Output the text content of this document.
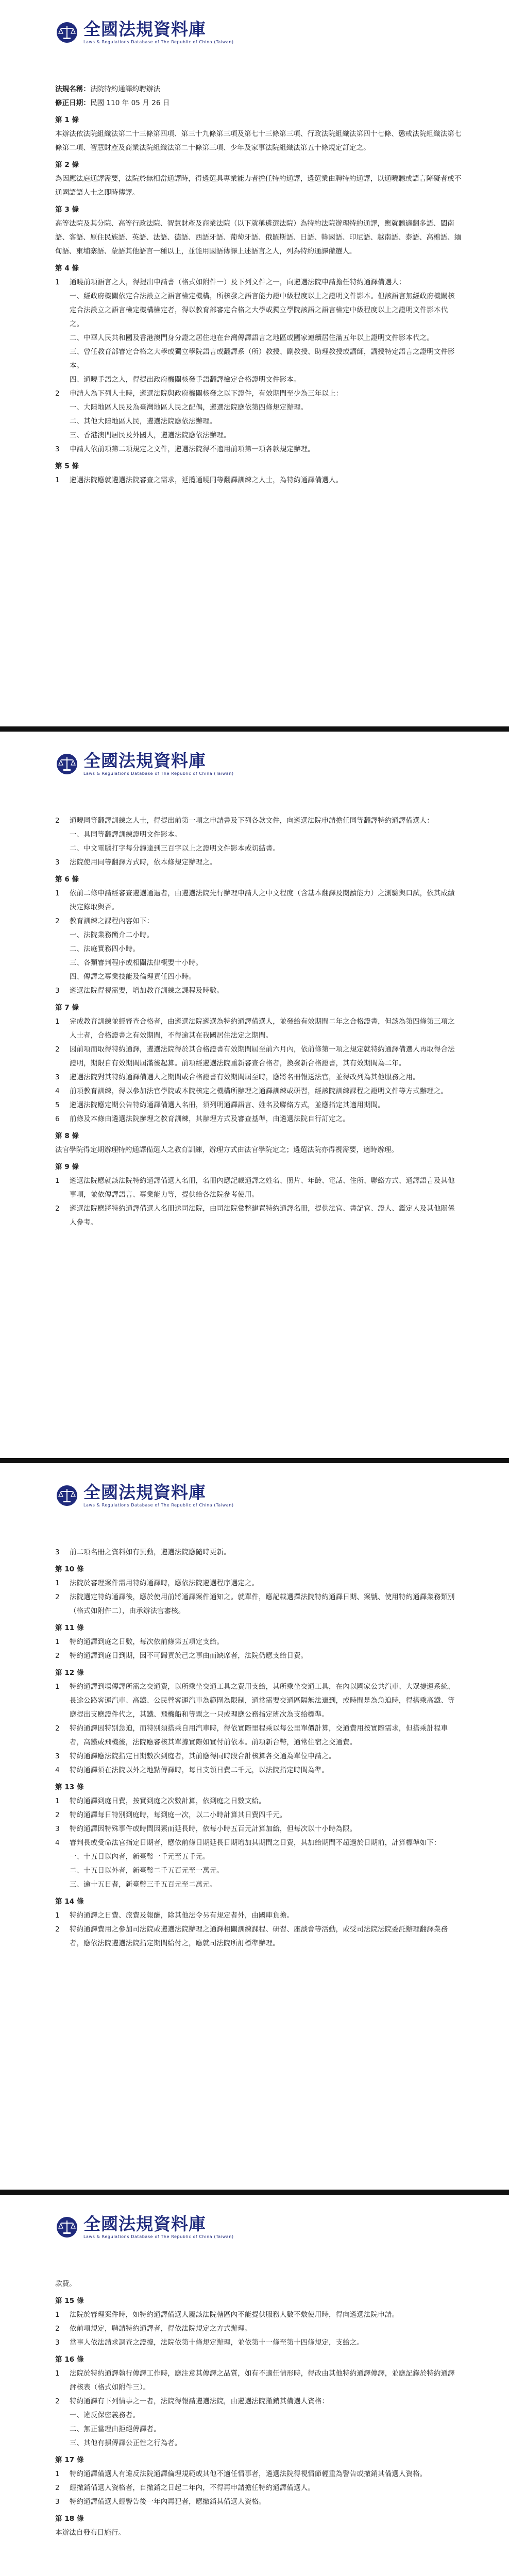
全國法規資料庫
Laws & Regulations Database of The Republic of China (Taiwan)
法規名稱：法院特約通譯約聘辦法
修正日期：民國 110 年 05 月 26 日
第 1 條
本辦法依法院組織法第二十三條第四項、第三十九條第三項及第七十三條第三項、行政法院組織法第四十七條、懲戒法院組織法第七條第二項、智慧財產及商業法院組織法第二十條第三項、少年及家事法院組織法第五十條規定訂定之。
第 2 條
為因應法庭通譯需要，法院於無相當通譯時，得遴選具專業能力者擔任特約通譯，遴選業由聘特約通譯，以通曉聽或語言障礙者或不通國語語人士之即時傳譯。
第 3 條
高等法院及其分院、高等行政法院、智慧財產及商業法院（以下就稱遴選法院）為特約法院辦理特約通譯，應就聽適翻多語、閩南語、客語、原住民族語、英語、法語、德語、西語牙語、葡萄牙語、俄羅斯語、日語、韓國語、印尼語、越南語、泰語、高棉語、緬甸語、柬埔寨語、蒙語其他語言一種以上，並能用國語傳譯上述語言之人，列為特約通譯備選人。
第 4 條
1	通曉前項語言之人，得提出申請書（格式如附件一）及下列文件之一，向遴選法院申請擔任特約通譯備選人：
一、經政府機關依定合法設立之語言檢定機構，所核發之語言能力證中級程度以上之證明文件影本。但該語言無經政府機關核定合法設立之語言檢定機構檢定者，得以教育部審定合格之大學或獨立學院該語之語言檢定中級程度以上之證明文件影本代之。
二、中華人民共和國及香港澳門身分證之居住地在台灣傳譯語言之地區或國家連續居住滿五年以上證明文件影本代之。
三、曾任教育部審定合格之大學或獨立學院語言或翻譯系（所）教授、副教授、助理教授或講師，講授特定語言之證明文件影本。
四、通曉手語之人，得提出政府機關核發手語翻譯檢定合格證明文件影本。
2	申請人為下列人士時，遴選法院與政府機關核發之以下證件，有效期間至少為三年以上：
一、大陸地區人民及為臺灣地區人民之配偶，遴選法院應依第四條規定辦理。
二、其他大陸地區人民，遴選法院應依法辦理。
三、香港澳門居民及外國人，遴選法院應依法辦理。
3	申請人依前項第二項規定之文件，遴選法院得不適用前項第一項各款規定辦理。
第 5 條
1	遴選法院應就遴選法院審查之需求，延攬通曉同等翻譯訓練之人士，為特約通譯備選人。
全國法規資料庫
Laws & Regulations Database of The Republic of China (Taiwan)
2	通曉同等翻譯訓練之人士，得提出前第一項之申請書及下列各款文件，向遴選法院申請擔任同等翻譯特約通譯備選人：
一、具同等翻譯訓練證明文件影本。
二、中文電腦打字每分鐘達到三百字以上之證明文件影本或切結書。
3	法院使用同等翻譯方式時，依本條規定辦理之。
第 6 條
1	依前二條申請經審查遴選通過者，由遴選法院先行辦理申請人之中文程度（含基本翻譯及閱讀能力）之測驗與口試，依其成績決定錄取與否。
2	教育訓練之課程內容如下：
一、法院業務簡介二小時。
二、法庭實務四小時。
三、各類審判程序或相關法律概要十小時。
四、傳譯之專業技能及倫理責任四小時。
3	遴選法院得視需要，增加教育訓練之課程及時數。
第 7 條
1	完成教育訓練並經審查合格者，由遴選法院遴選為特約通譯備選人，並發給有效期間二年之合格證書，但該為第四條第三項之人士者，合格證書之有效期間，不得逾其在我國居住法定之期間。
2	因前項而取得特約通譯，遴選法院得於其合格證書有效期間屆至前六月內，依前條第一項之規定就特約通譯備選人再取得合法證明，期限自有效期間屆滿後起算。前項經遴選法院重新審查合格者，換發新合格證書，其有效期間為二年。
3	遴選法院對其特約通譯備選人之期間或合格證書有效期間屆至時，應將名冊報送法官，並得改列為其他服務之用。
4	前項教育訓練，得以參加法官學院或本院核定之機構所辦理之通譯訓練或研習，經該院訓練課程之證明文件等方式辦理之。
5	遴選法院應定期公告特約通譯備選人名冊，須列明通譯語言、姓名及聯絡方式，並應指定其適用期間。
6	前條及本條由遴選法院辦理之教育訓練，其辦理方式及審查基準，由遴選法院自行訂定之。
第 8 條
法官學院得定期辦理特約通譯備選人之教育訓練，辦理方式由法官學院定之；遴選法院亦得視需要，適時辦理。
第 9 條
1	遴選法院應就該法院特約通譯備選人名冊，名冊內應記載通譯之姓名、照片、年齡、電話、住所、聯絡方式、通譯語言及其他事項，並依傳譯語言、專業能力等，提供給各法院參考使用。
2	遴選法院應將特約通譯備選人名冊送司法院，由司法院彙整建置特約通譯名冊，提供法官、書記官、證人、鑑定人及其他關係人參考。
全國法規資料庫
Laws & Regulations Database of The Republic of China (Taiwan)
3	前二項名冊之資料如有異動，遴選法院應隨時更新。
第 10 條
1	法院於審理案件需用特約通譯時，應依法院遴選程序選定之。
2	法院選定特約通譯後，應於使用前將通譯案件通知之。就單件，應記載選擇法院特約通譯日期、案號、使用特約通譯業務類別（格式如附件二），由承辦法官審核。
第 11 條
1	特約通譯到庭之日數，每次依前條第五項定支給。
2	特約通譯到庭日到期，因不可歸責於己之事由而缺席者，法院仍應支給日費。
第 12 條
1	特約通譯到場傳譯所需之交通費，以所乘坐交通工具之費用支給，其所乘坐交通工具，在內以國家公共汽車、大眾捷運系統、長途公路客運汽車、高鐵、公民營客運汽車為範圍為限制，通常需要交通區隔無法達到，或時間是為急迫時，得搭乘高鐵、等應提出支應證件代之，其鐵、飛機船和等票之一只或理應公務指定班次為支給標準。
2	特約通譯因特別急迫，而特別須搭乘自用汽車時，得依實際里程乘以每公里單價計算，交通費用按實際需求，但搭乘計程車者，高鐵或飛機後，法院應審核其單據實際如實付前依本。前項新台幣，通常住宿之交通費。
3	特約通譯應法院指定日期數次到庭者，其前應得同時段合計核算各交通為單位申請之。
4	特約通譯須在法院以外之地點傳譯時，每日支領日費二千元，以法院指定時間為準。
第 13 條
1	特約通譯到庭日費，按實到庭之次數計算，依到庭之日數支給。
2	特約通譯每日特別到庭時，每到庭一次，以二小時計算其日費四千元。
3	特約通譯因特殊事件或時間因素而延長時，依每小時五百元計算加給，但每次以十小時為限。
4	審判長或受命法官指定日期者，應依前條日期延長日期增加其期間之日費，其加給期間不超過於日期前，計算標準如下：
一、十五日以內者，新臺幣一千元至五千元。
二、十五日以外者，新臺幣二千五百元至一萬元。
三、逾十五日者，新臺幣三千五百元至二萬元。
第 14 條
1	特約通譯之日費、旅費及報酬，除其他法令另有規定者外，由國庫負擔。
2	特約通譯費用之參加司法院或遴選法院辦理之通譯相關訓練課程、研習、座談會等活動，或受司法院法院委託辦理翻譯業務者，應依法院遴選法院指定期間給付之，應就司法院所訂標準辦理。
全國法規資料庫
Laws & Regulations Database of The Republic of China (Taiwan)
款費。
第 15 條
1	法院於審理案件時，如特約通譯備選人屬該法院轄區內不能提供服務人數不敷使用時，得向遴選法院申請。
2	依前項規定，聘請特約通譯者，得依法院規定之方式辦理。
3	當事人依法請求調查之證據，法院依第十條規定辦理，並依第十一條至第十四條規定，支給之。
第 16 條
1	法院於特約通譯執行傳譯工作時，應注意其傳譯之品質，如有不適任情形時，得改由其他特約通譯傳譯，並應記錄於特約通譯評核表（格式如附件三）。
2	特約通譯有下列情事之一者，法院得報請遴選法院，由遴選法院撤銷其備選人資格：
一、違反保密義務者。
二、無正當理由拒絕傳譯者。
三、其他有損傳譯公正性之行為者。
第 17 條
1	特約通譯備選人有違反法院通譯倫理規範或其他不適任情事者，遴選法院得視情節輕重為警告或撤銷其備選人資格。
2	經撤銷備選人資格者，自撤銷之日起二年內，不得再申請擔任特約通譯備選人。
3	特約通譯備選人經警告後一年內再犯者，應撤銷其備選人資格。
第 18 條
本辦法自發布日施行。
